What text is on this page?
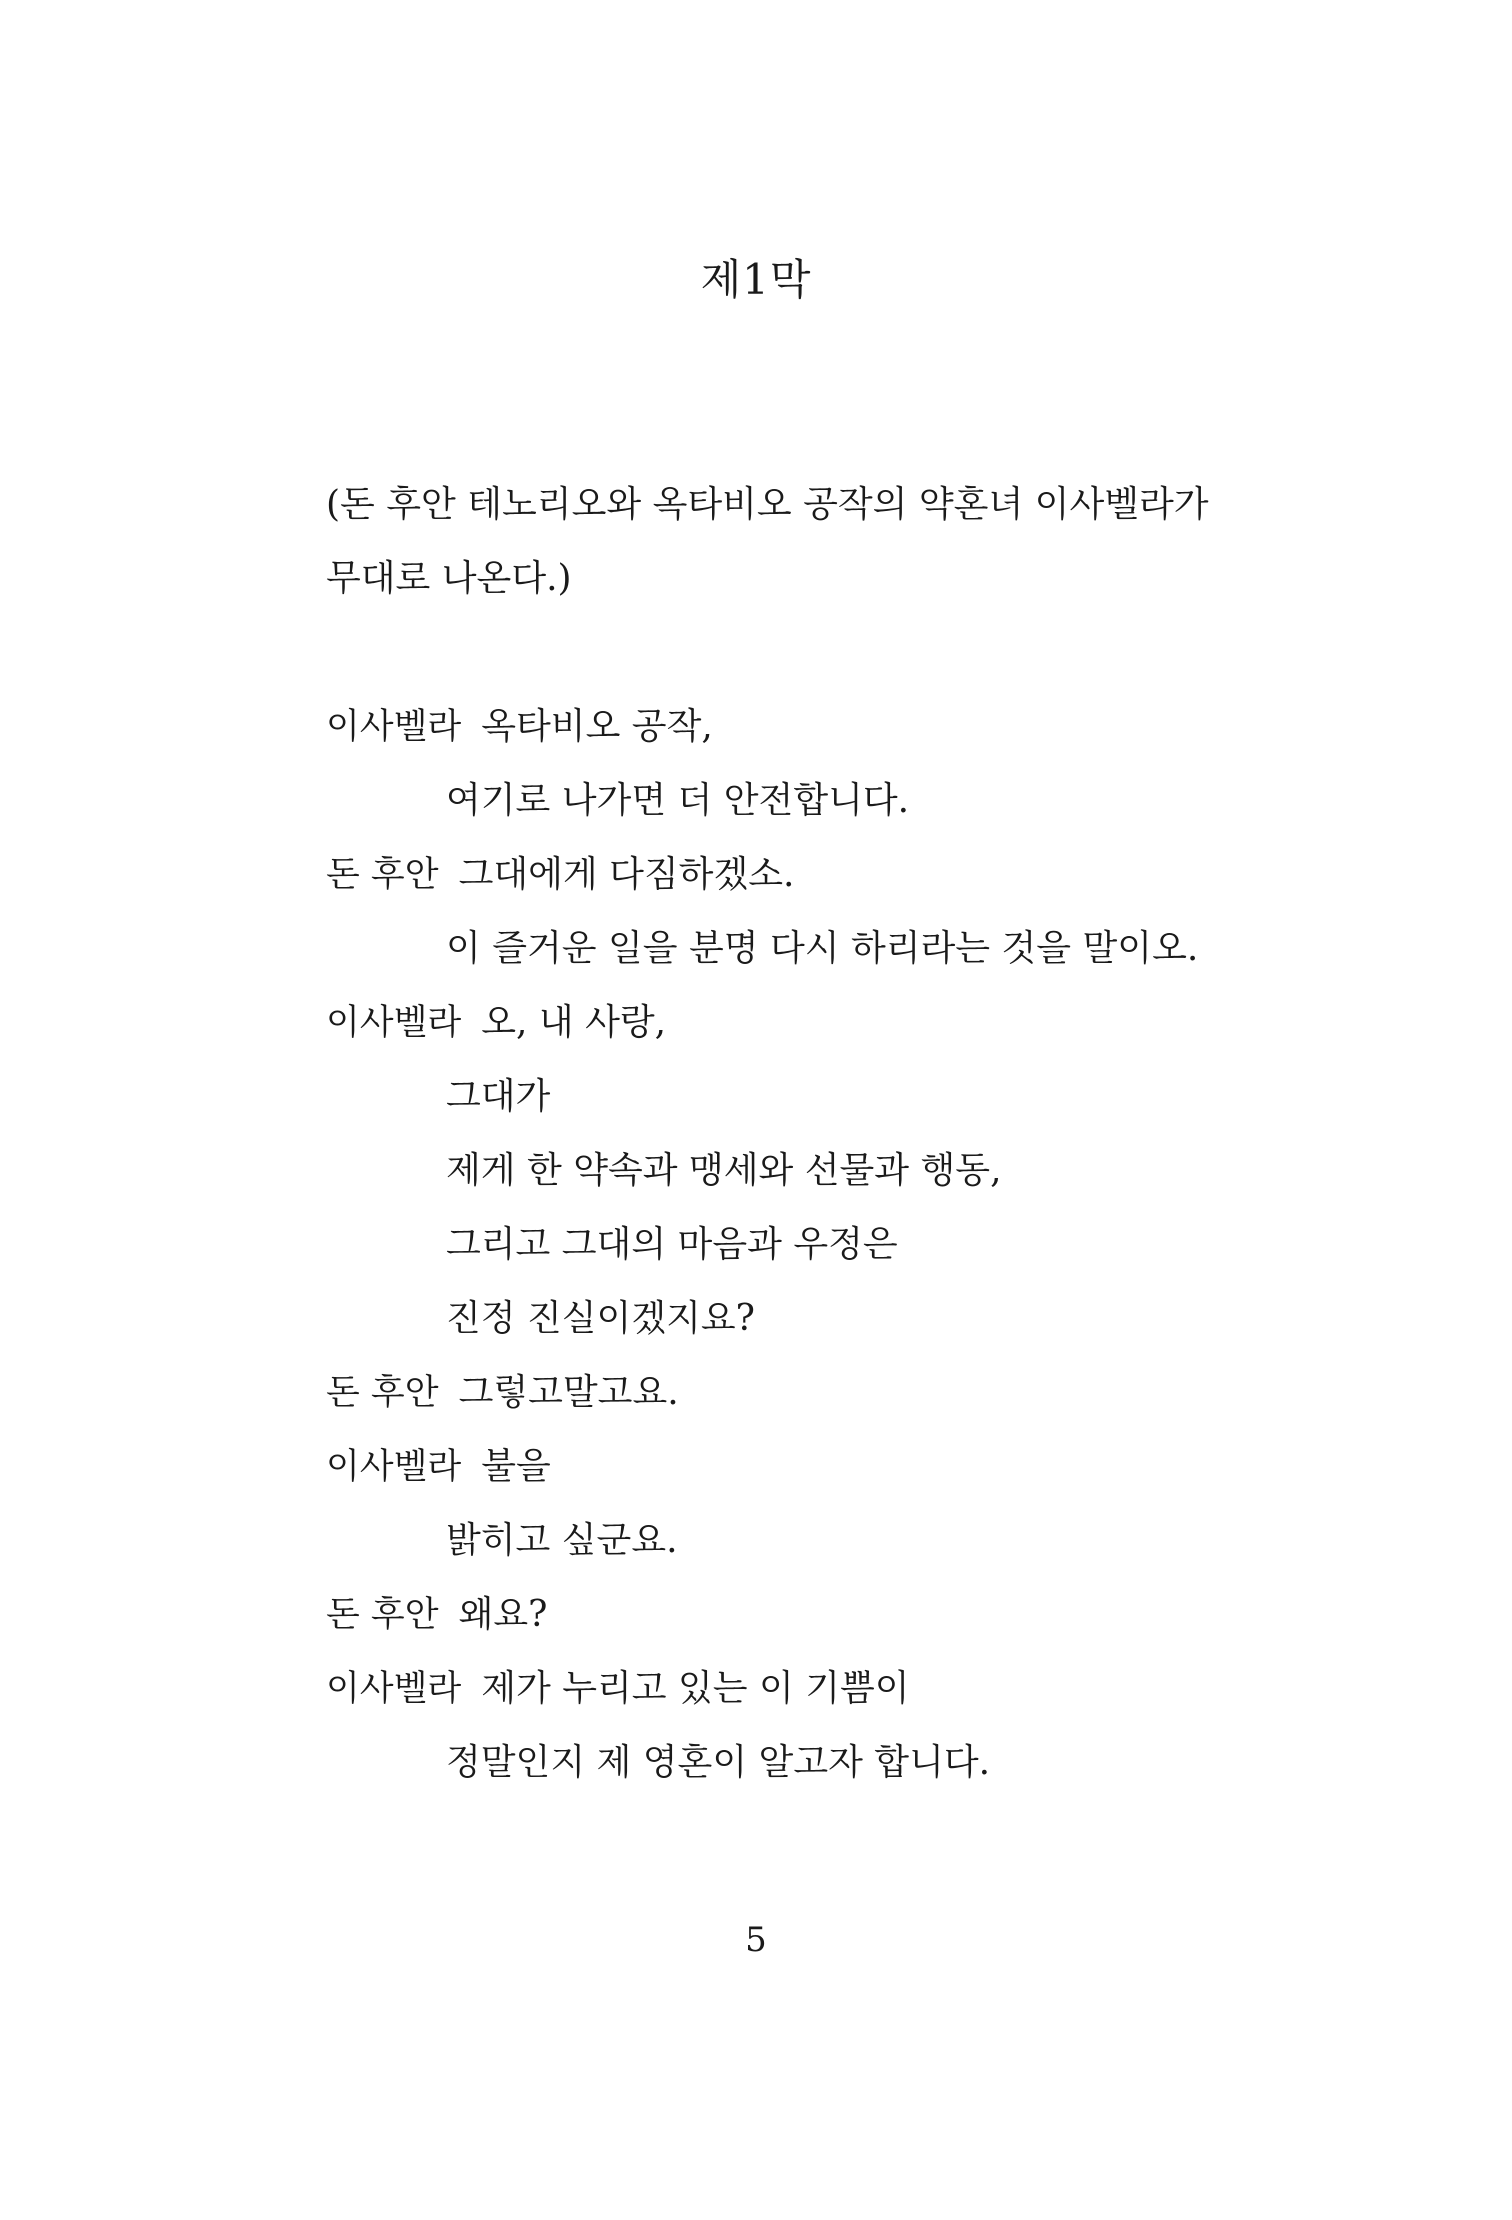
제1막
(돈 후안 테노리오와 옥타비오 공작의 약혼녀 이사벨라가
무대로 나온다.)
이사벨라 옥타비오 공작,
여기로 나가면 더 안전합니다.
돈 후안 그대에게 다짐하겠소.
이 즐거운 일을 분명 다시 하리라는 것을 말이오.
이사벨라 오, 내 사랑,
그대가
제게 한 약속과 맹세와 선물과 행동,
그리고 그대의 마음과 우정은
진정 진실이겠지요?
돈 후안 그렇고말고요.
이사벨라 불을
밝히고 싶군요.
돈 후안 왜요?
이사벨라 제가 누리고 있는 이 기쁨이
정말인지 제 영혼이 알고자 합니다.
5
